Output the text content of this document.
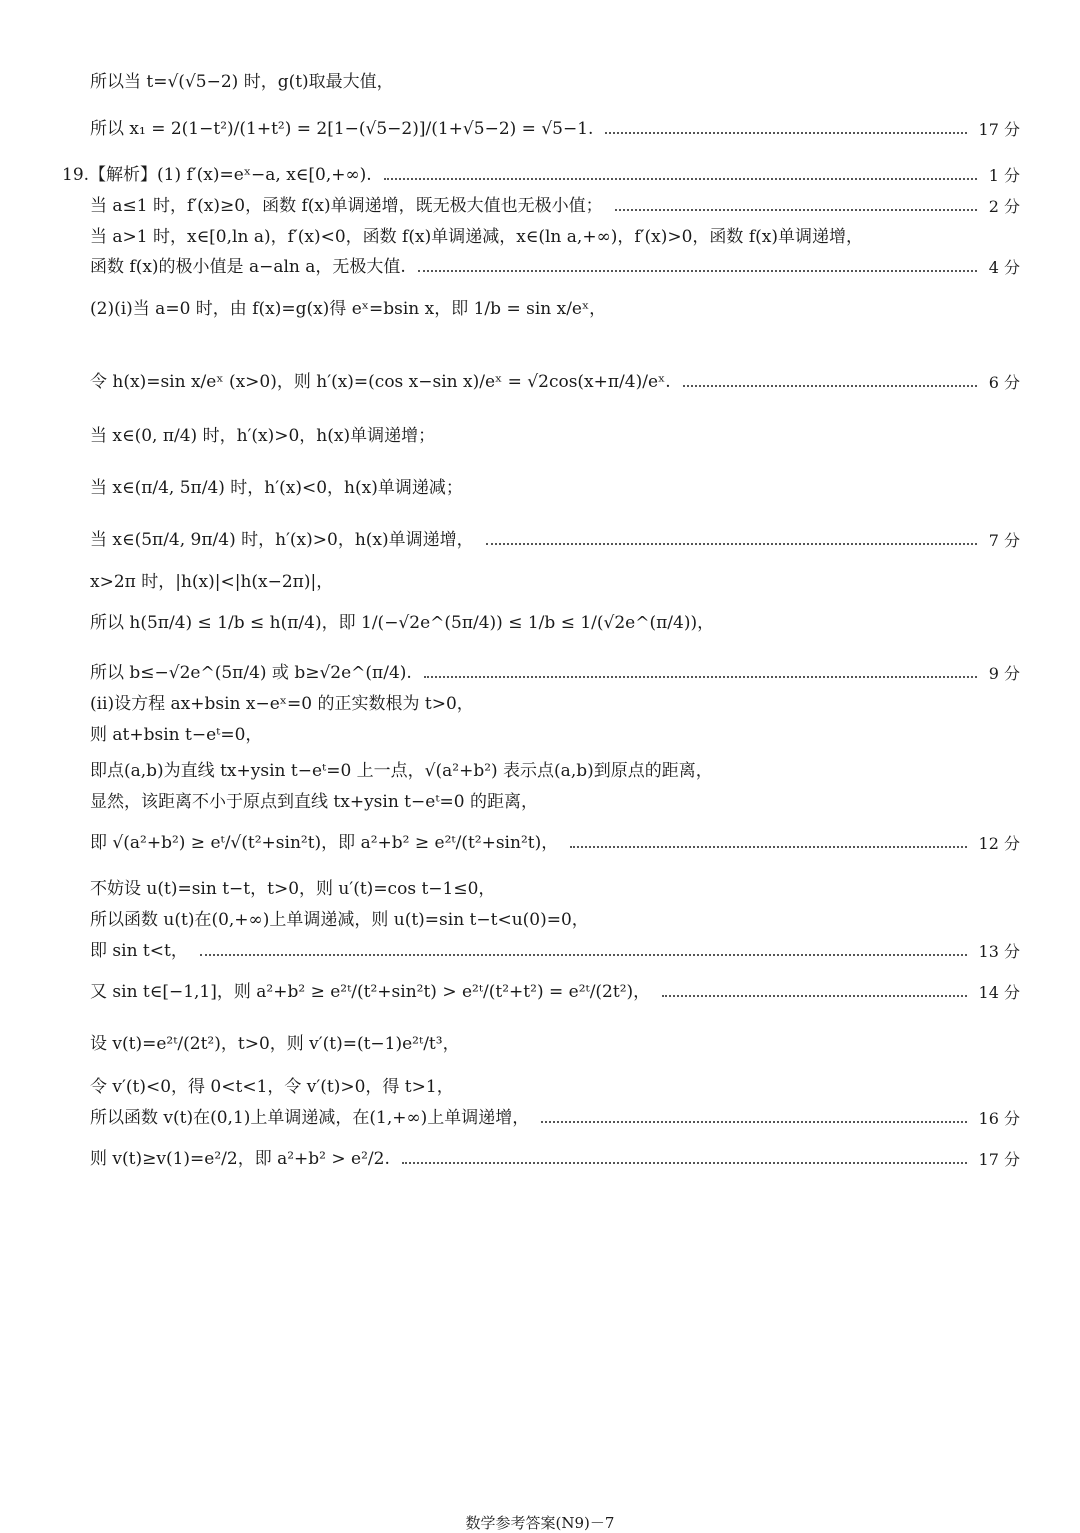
所以当 t=√(√5−2) 时，g(t)取最大值，
所以 x₁ = 2(1−t²)/(1+t²) = 2[1−(√5−2)]/(1+√5−2) = √5−1.	17 分
19.【解析】(1) f′(x)=eˣ−a, x∈[0,+∞).	1 分
当 a≤1 时，f′(x)≥0，函数 f(x)单调递增，既无极大值也无极小值；	2 分
当 a>1 时，x∈[0,ln a)，f′(x)<0，函数 f(x)单调递减，x∈(ln a,+∞)，f′(x)>0，函数 f(x)单调递增，
函数 f(x)的极小值是 a−aln a，无极大值.	4 分
(2)(ⅰ)当 a=0 时，由 f(x)=g(x)得 eˣ=bsin x，即 1/b = sin x/eˣ，
令 h(x)=sin x/eˣ (x>0)，则 h′(x)=(cos x−sin x)/eˣ = √2cos(x+π/4)/eˣ.	6 分
当 x∈(0, π/4) 时，h′(x)>0，h(x)单调递增；
当 x∈(π/4, 5π/4) 时，h′(x)<0，h(x)单调递减；
当 x∈(5π/4, 9π/4) 时，h′(x)>0，h(x)单调递增，	7 分
x>2π 时，|h(x)|<|h(x−2π)|，
所以 h(5π/4) ≤ 1/b ≤ h(π/4)，即 1/(−√2e^(5π/4)) ≤ 1/b ≤ 1/(√2e^(π/4))，
所以 b≤−√2e^(5π/4) 或 b≥√2e^(π/4).	9 分
(ⅱ)设方程 ax+bsin x−eˣ=0 的正实数根为 t>0，
则 at+bsin t−eᵗ=0，
即点(a,b)为直线 tx+ysin t−eᵗ=0 上一点，√(a²+b²) 表示点(a,b)到原点的距离，
显然，该距离不小于原点到直线 tx+ysin t−eᵗ=0 的距离，
即 √(a²+b²) ≥ eᵗ/√(t²+sin²t)，即 a²+b² ≥ e²ᵗ/(t²+sin²t)，	12 分
不妨设 u(t)=sin t−t，t>0，则 u′(t)=cos t−1≤0，
所以函数 u(t)在(0,+∞)上单调递减，则 u(t)=sin t−t<u(0)=0，
即 sin t<t，	13 分
又 sin t∈[−1,1]，则 a²+b² ≥ e²ᵗ/(t²+sin²t) > e²ᵗ/(t²+t²) = e²ᵗ/(2t²)，	14 分
设 v(t)=e²ᵗ/(2t²)，t>0，则 v′(t)=(t−1)e²ᵗ/t³，
令 v′(t)<0，得 0<t<1，令 v′(t)>0，得 t>1，
所以函数 v(t)在(0,1)上单调递减，在(1,+∞)上单调递增，	16 分
则 v(t)≥v(1)=e²/2，即 a²+b² > e²/2.	17 分
数学参考答案(N9)－7
